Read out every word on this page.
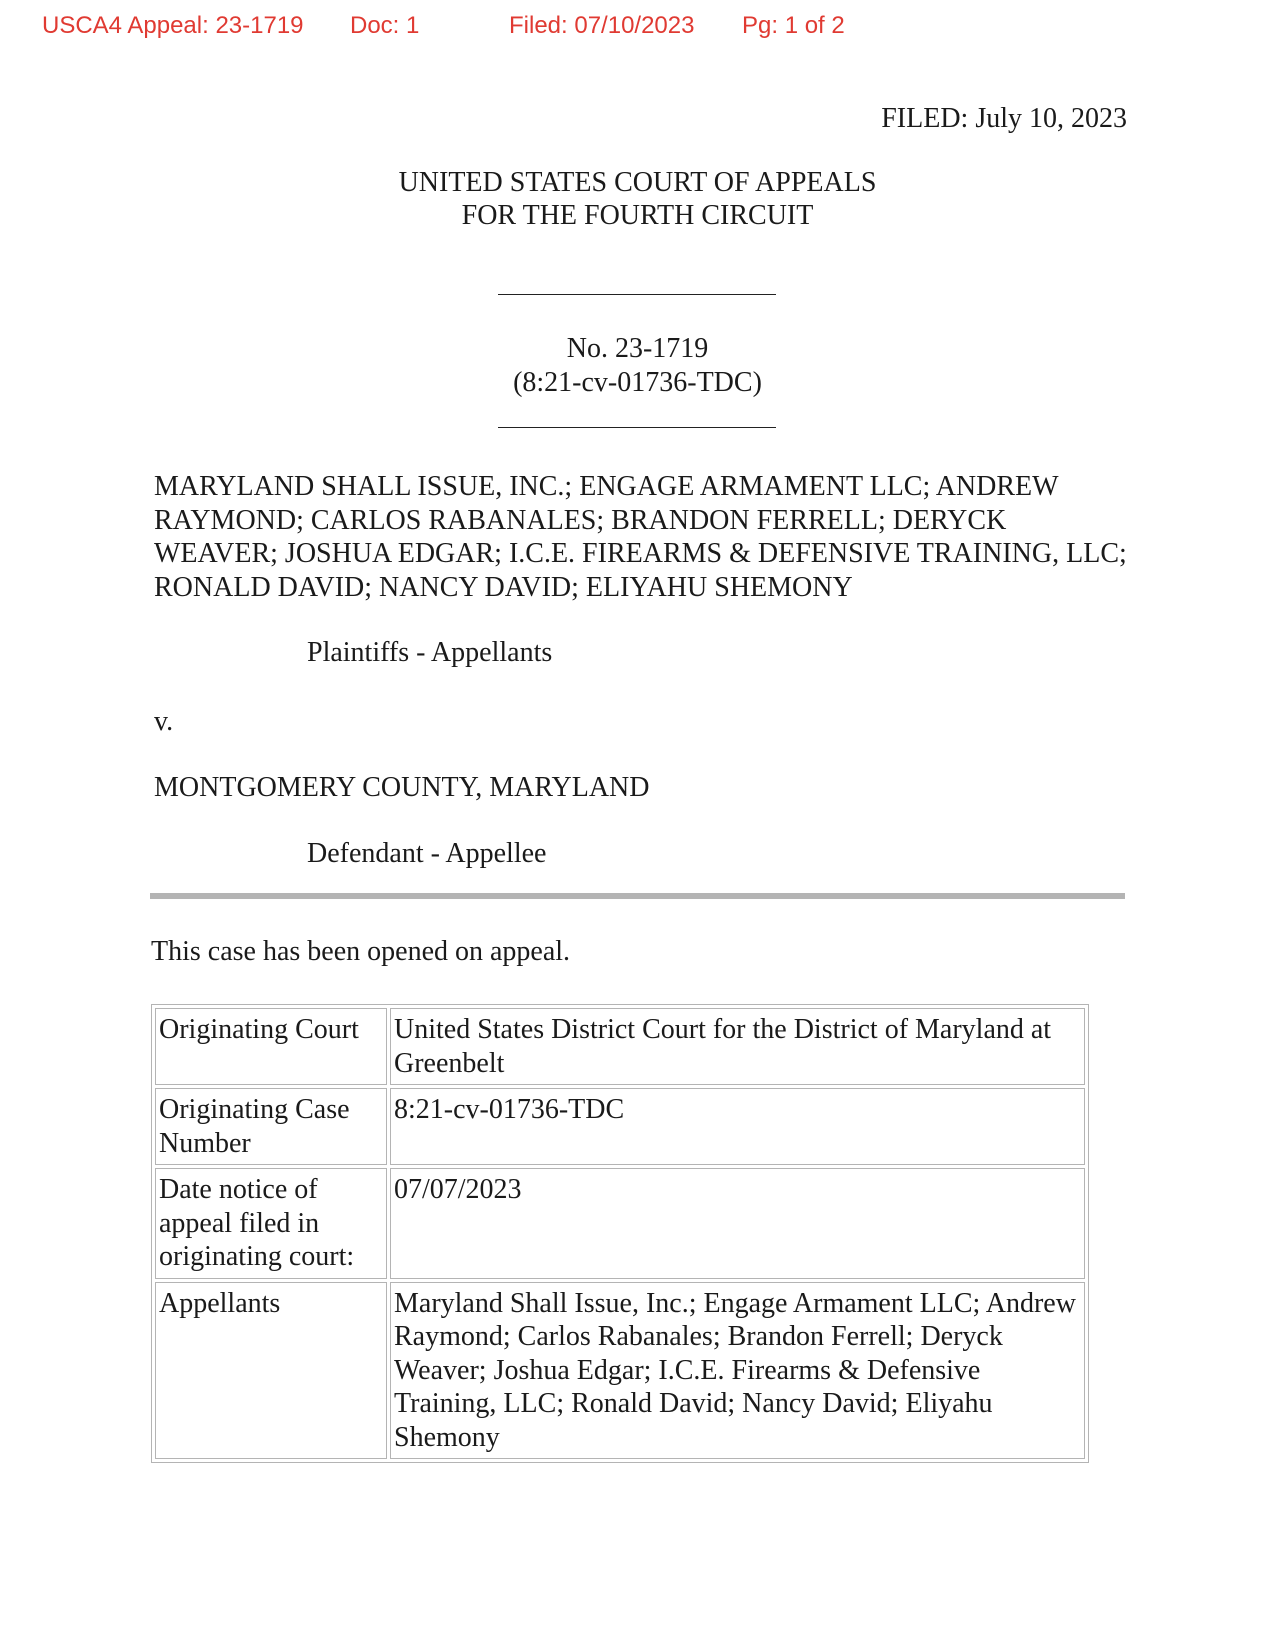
USCA4 Appeal: 23-1719 Doc: 1	Filed: 07/10/2023 Pg: 1 of 2
FILED: July 10, 2023
UNITED STATES COURT OF APPEALS
FOR THE FOURTH CIRCUIT
No. 23-1719
(8:21-cv-01736-TDC)
MARYLAND SHALL ISSUE, INC.; ENGAGE ARMAMENT LLC; ANDREW RAYMOND; CARLOS RABANALES; BRANDON FERRELL; DERYCK WEAVER; JOSHUA EDGAR; I.C.E. FIREARMS & DEFENSIVE TRAINING, LLC; RONALD DAVID; NANCY DAVID; ELIYAHU SHEMONY
Plaintiffs - Appellants
v.
MONTGOMERY COUNTY, MARYLAND
Defendant - Appellee
This case has been opened on appeal.
Originating Court	United States District Court for the District of Maryland at Greenbelt
Originating Case Number	8:21-cv-01736-TDC
Date notice of appeal filed in originating court:	07/07/2023
Appellants	Maryland Shall Issue, Inc.; Engage Armament LLC; Andrew Raymond; Carlos Rabanales; Brandon Ferrell; Deryck Weaver; Joshua Edgar; I.C.E. Firearms & Defensive Training, LLC; Ronald David; Nancy David; Eliyahu Shemony
